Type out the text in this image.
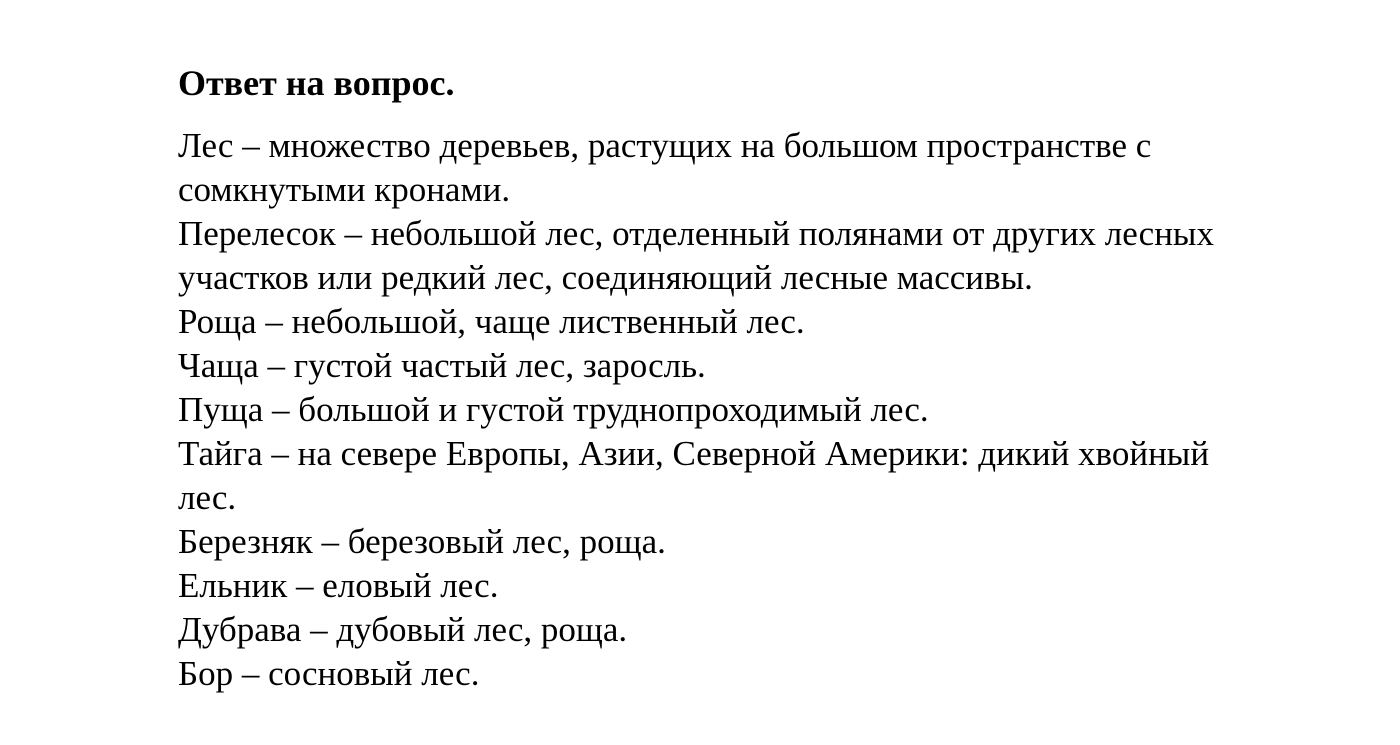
Ответ на вопрос.

Лес – множество деревьев, растущих на большом пространстве с
сомкнутыми кронами.

Перелесок – небольшой лес, отделенный полянами от других лесных
участков или редкий лес, соединяющий лесные массивы.

Роща – небольшой, чаще лиственный лес.

Чаща – густой частый лес, заросль.

Пуща – большой и густой труднопроходимый лес.

Тайга – на севере Европы, Азии, Северной Америки: дикий хвойный
лес.

Березняк – березовый лес, роща.

Ельник – еловый лес.

Дубрава – дубовый лес, роща.

Бор – сосновый лес.
